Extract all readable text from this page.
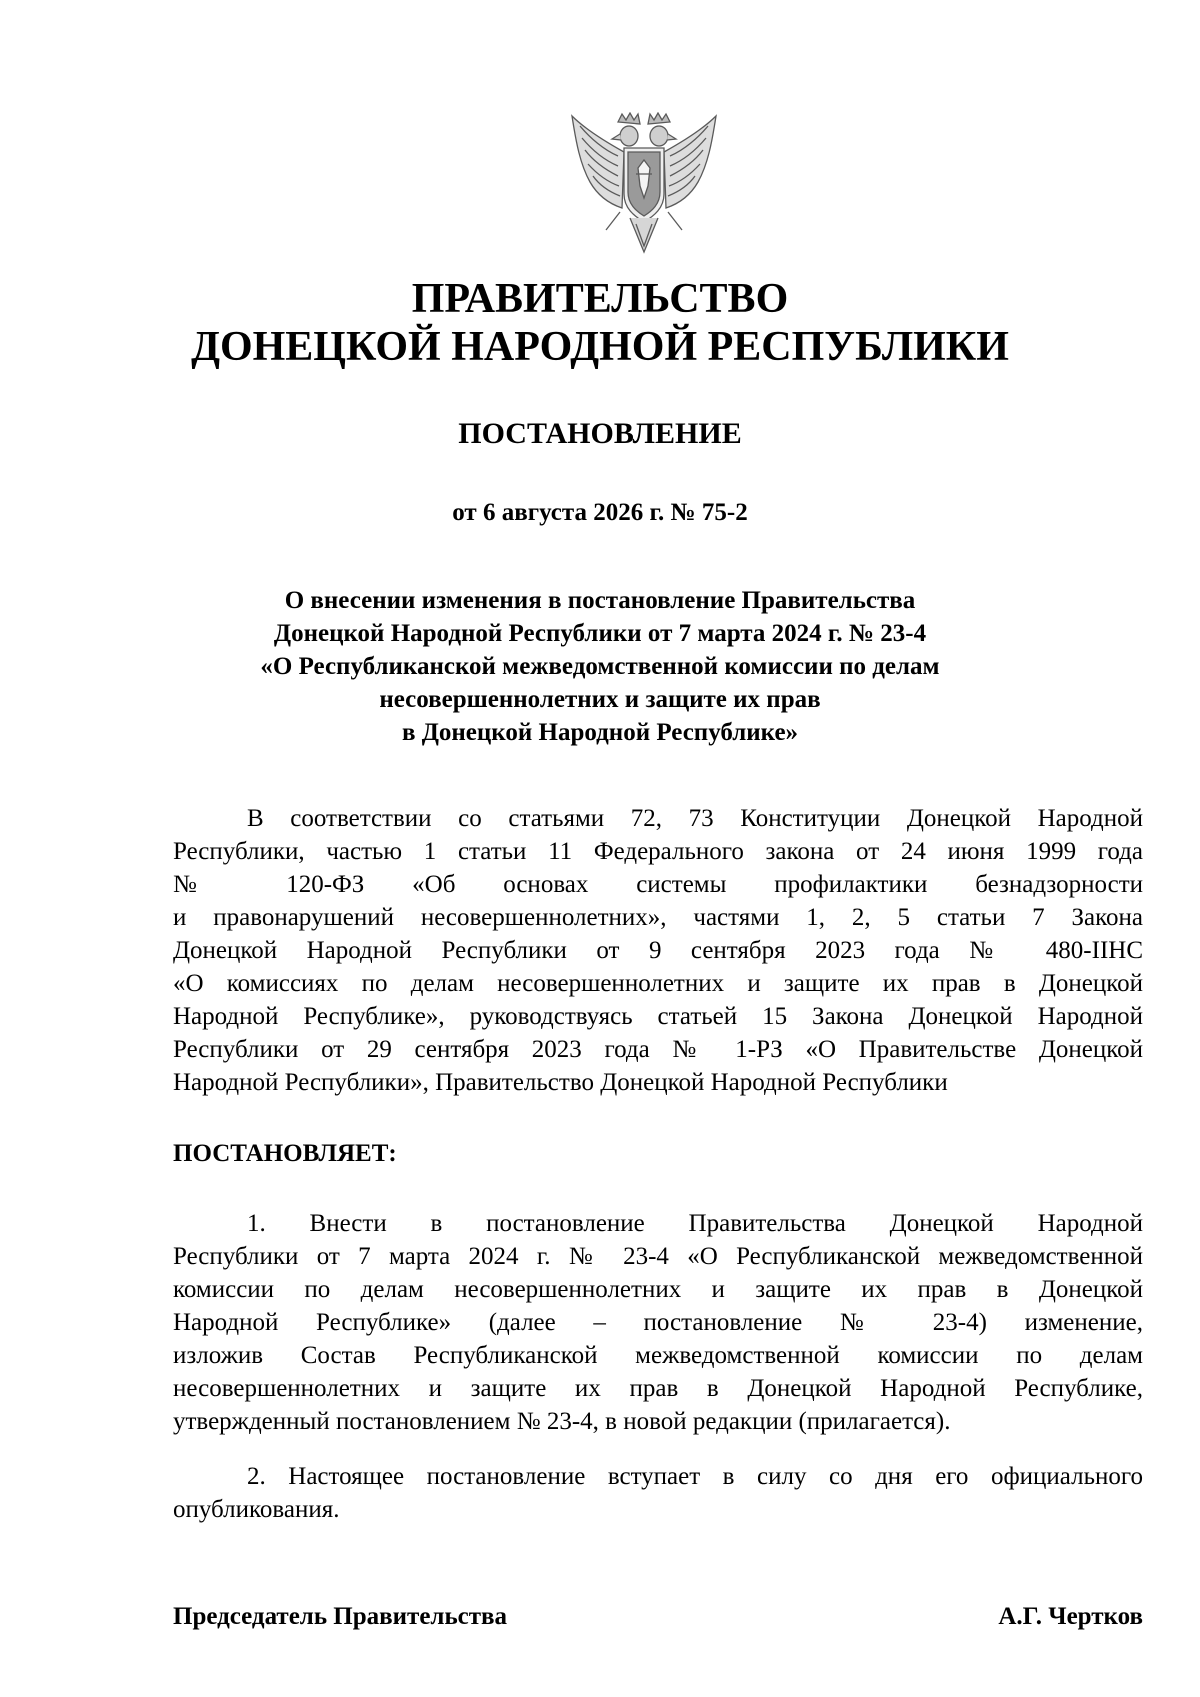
ПРАВИТЕЛЬСТВО
ДОНЕЦКОЙ НАРОДНОЙ РЕСПУБЛИКИ
ПОСТАНОВЛЕНИЕ
от 6 августа 2026 г. № 75-2
О внесении изменения в постановление Правительства
Донецкой Народной Республики от 7 марта 2024 г. № 23-4
«О Республиканской межведомственной комиссии по делам
несовершеннолетних и защите их прав
в Донецкой Народной Республике»
В соответствии со статьями 72, 73 Конституции Донецкой Народной
Республики, частью 1 статьи 11 Федерального закона от 24 июня 1999 года
№ 120-ФЗ «Об основах системы профилактики безнадзорности
и правонарушений несовершеннолетних», частями 1, 2, 5 статьи 7 Закона
Донецкой Народной Республики от 9 сентября 2023 года № 480-IIНС
«О комиссиях по делам несовершеннолетних и защите их прав в Донецкой
Народной Республике», руководствуясь статьей 15 Закона Донецкой Народной
Республики от 29 сентября 2023 года № 1-РЗ «О Правительстве Донецкой
Народной Республики», Правительство Донецкой Народной Республики
ПОСТАНОВЛЯЕТ:
1. Внести в постановление Правительства Донецкой Народной
Республики от 7 марта 2024 г. № 23-4 «О Республиканской межведомственной
комиссии по делам несовершеннолетних и защите их прав в Донецкой
Народной Республике» (далее – постановление № 23-4) изменение,
изложив Состав Республиканской межведомственной комиссии по делам
несовершеннолетних и защите их прав в Донецкой Народной Республике,
утвержденный постановлением № 23-4, в новой редакции (прилагается).
2. Настоящее постановление вступает в силу со дня его официального
опубликования.
Председатель Правительства	А.Г. Чертков
